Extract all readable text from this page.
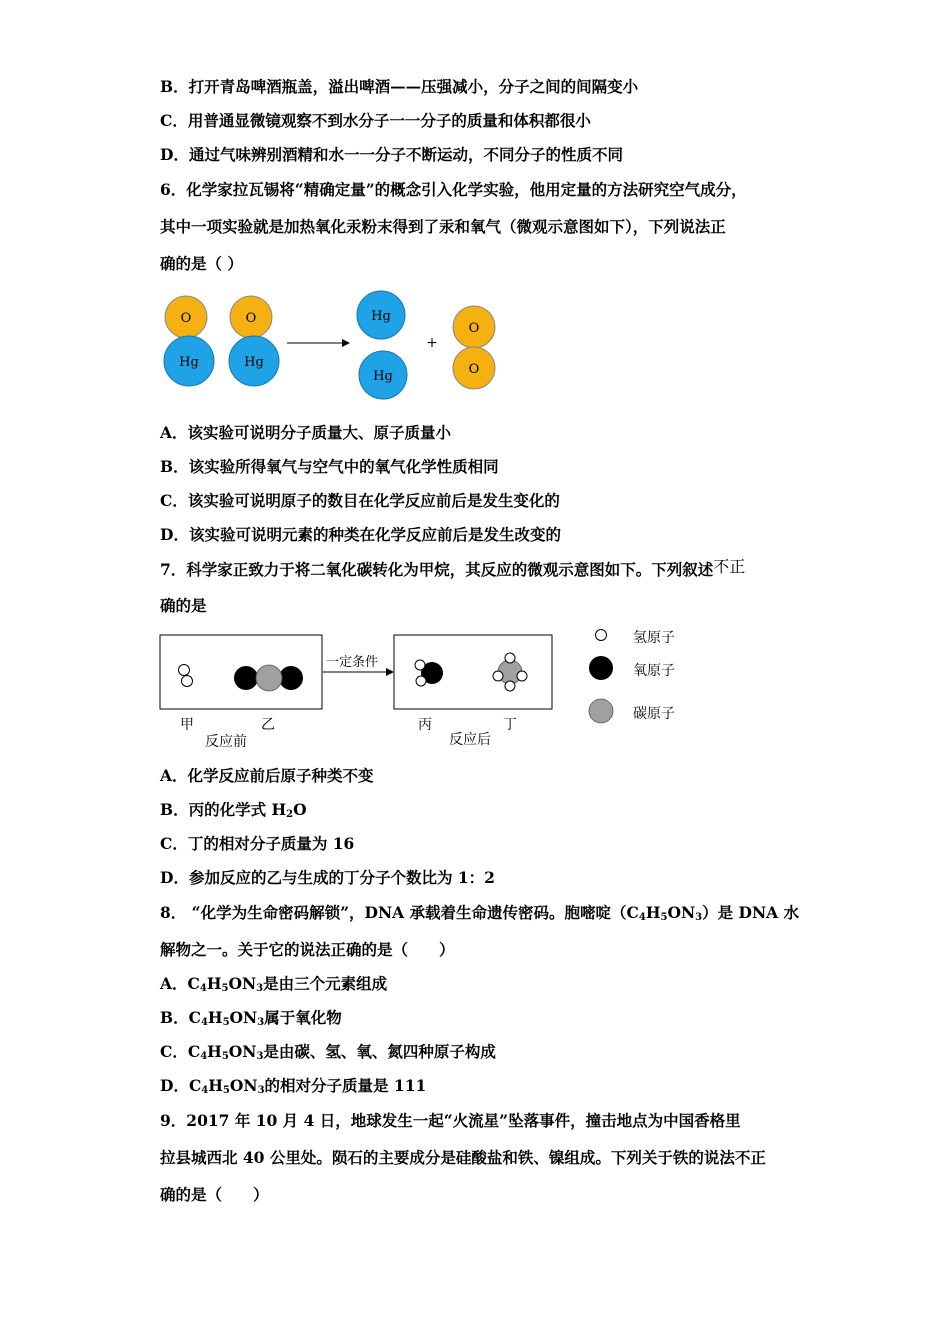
B．打开青岛啤酒瓶盖，溢出啤酒——压强减小，分子之间的间隔变小
C．用普通显微镜观察不到水分子一一分子的质量和体积都很小
D．通过气味辨别酒精和水一一分子不断运动，不同分子的性质不同
6．化学家拉瓦锡将“精确定量”的概念引入化学实验，他用定量的方法研究空气成分，
其中一项实验就是加热氧化汞粉末得到了汞和氧气（微观示意图如下），下列说法正
确的是（ ）
O
Hg
O
Hg
Hg
Hg
+
O
O
A．该实验可说明分子质量大、原子质量小
B．该实验所得氧气与空气中的氧气化学性质相同
C．该实验可说明原子的数目在化学反应前后是发生变化的
D．该实验可说明元素的种类在化学反应前后是发生改变的
7．科学家正致力于将二氧化碳转化为甲烷，其反应的微观示意图如下。下列叙述不正
确的是
一定条件
甲	乙
反应前
丙	丁
反应后
氢原子
氧原子
碳原子
A．化学反应前后原子种类不变
B．丙的化学式 $H_2O$
C．丁的相对分子质量为 16
D．参加反应的乙与生成的丁分子个数比为 1：2
8． “化学为生命密码解锁”，DNA 承载着生命遗传密码。胞嘧啶$(C_4H_5ON_3)$是 DNA 水
解物之一。关于它的说法正确的是（　　）
A．$C_4H_5ON_3$是由三个元素组成
B．$C_4H_5ON_3$属于氧化物
C．$C_4H_5ON_3$是由碳、氢、氧、氮四种原子构成
D．$C_4H_5ON_3$的相对分子质量是 111
9．2017 年 10 月 4 日，地球发生一起“火流星”坠落事件，撞击地点为中国香格里
拉县城西北 40 公里处。陨石的主要成分是硅酸盐和铁、镍组成。下列关于铁的说法不正
确的是（　　）
